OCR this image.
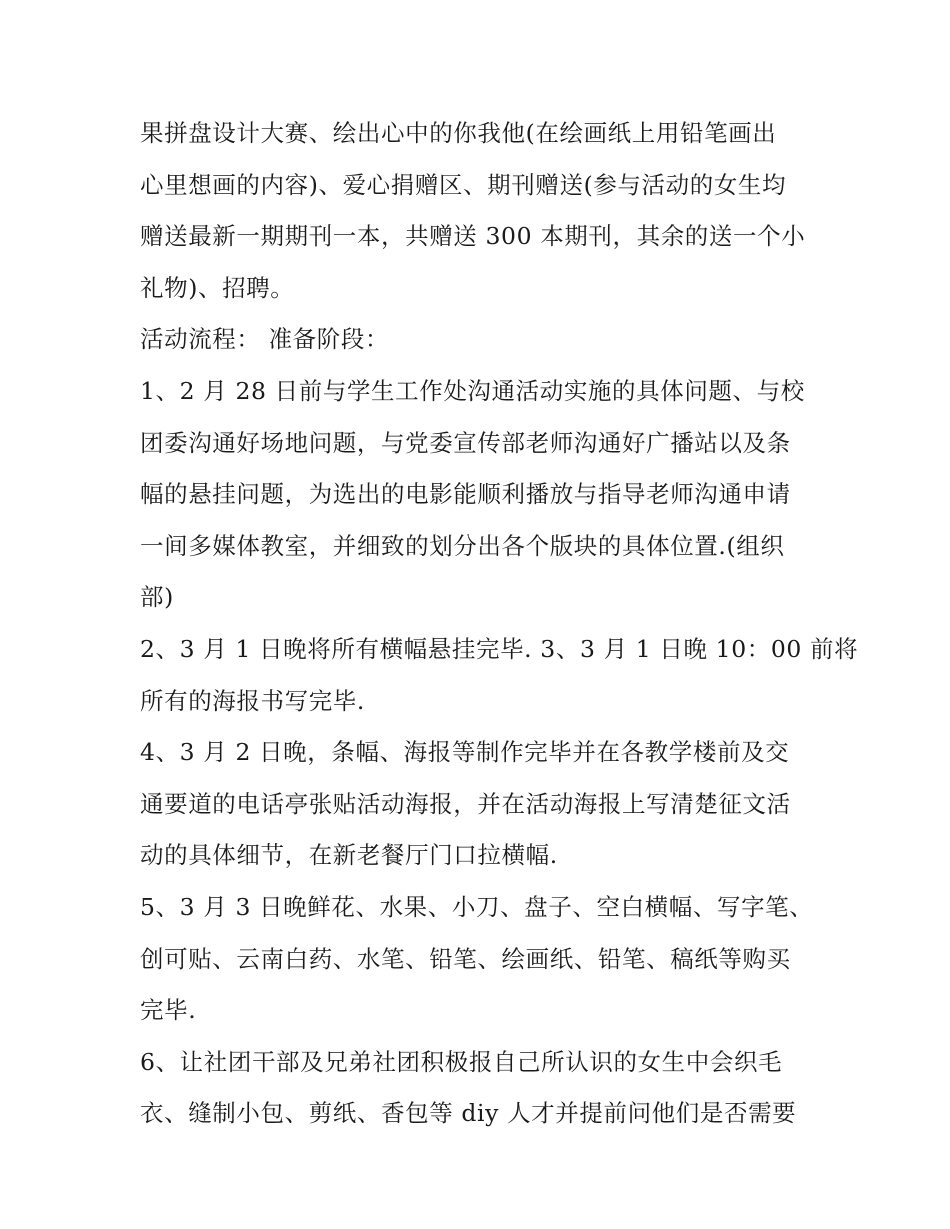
果拼盘设计大赛、绘出心中的你我他(在绘画纸上用铅笔画出
心里想画的内容)、爱心捐赠区、期刊赠送(参与活动的女生均
赠送最新一期期刊一本，共赠送 300 本期刊，其余的送一个小
礼物)、招聘。
活动流程： 准备阶段：
1、2 月 28 日前与学生工作处沟通活动实施的具体问题、与校
团委沟通好场地问题，与党委宣传部老师沟通好广播站以及条
幅的悬挂问题，为选出的电影能顺利播放与指导老师沟通申请
一间多媒体教室，并细致的划分出各个版块的具体位置.(组织
部)
2、3 月 1 日晚将所有横幅悬挂完毕. 3、3 月 1 日晚 10：00 前将
所有的海报书写完毕.
4、3 月 2 日晚，条幅、海报等制作完毕并在各教学楼前及交
通要道的电话亭张贴活动海报，并在活动海报上写清楚征文活
动的具体细节，在新老餐厅门口拉横幅.
5、3 月 3 日晚鲜花、水果、小刀、盘子、空白横幅、写字笔、
创可贴、云南白药、水笔、铅笔、绘画纸、铅笔、稿纸等购买
完毕.
6、让社团干部及兄弟社团积极报自己所认识的女生中会织毛
衣、缝制小包、剪纸、香包等 diy 人才并提前问他们是否需要
